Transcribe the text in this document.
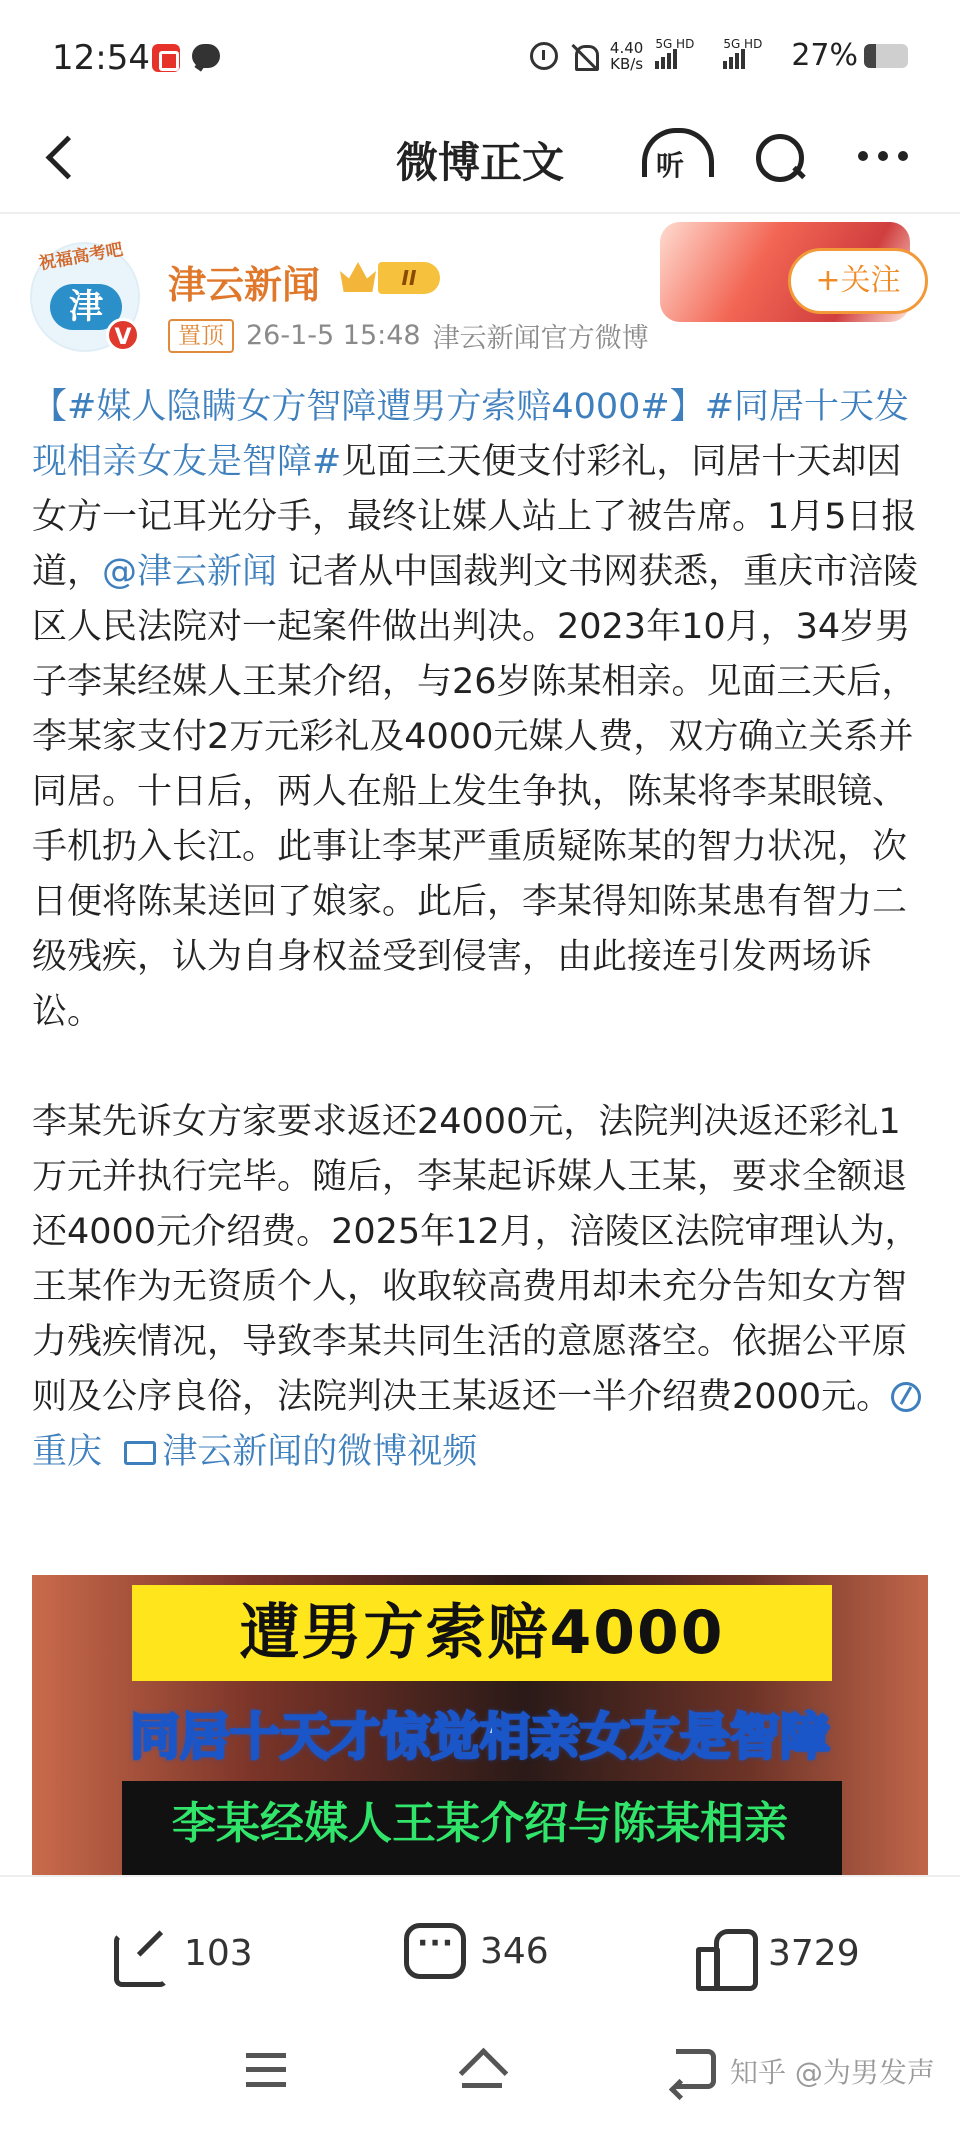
12:54	4.40
KB/s
5G HD 5G HD 27%
微博正文	听
祝福高考吧
津
V
津云新闻	II
置顶 26-1-5 15:48 津云新闻官方微博
+关注

【#媒人隐瞒女方智障遭男方索赔4000#】#同居十天发现相亲女友是智障#见面三天便支付彩礼，同居十天却因女方一记耳光分手，最终让媒人站上了被告席。1月5日报道，@津云新闻 记者从中国裁判文书网获悉，重庆市涪陵区人民法院对一起案件做出判决。2023年10月，34岁男子李某经媒人王某介绍，与26岁陈某相亲。见面三天后，李某家支付2万元彩礼及4000元媒人费，双方确立关系并同居。十日后，两人在船上发生争执，陈某将李某眼镜、手机扔入长江。此事让李某严重质疑陈某的智力状况，次日便将陈某送回了娘家。此后，李某得知陈某患有智力二级残疾，认为自身权益受到侵害，由此接连引发两场诉讼。

李某先诉女方家要求返还24000元，法院判决返还彩礼1万元并执行完毕。随后，李某起诉媒人王某，要求全额退还4000元介绍费。2025年12月，涪陵区法院审理认为，王某作为无资质个人，收取较高费用却未充分告知女方智力残疾情况，导致李某共同生活的意愿落空。依据公平原则及公序良俗，法院判决王某返还一半介绍费2000元。重庆 津云新闻的微博视频

遭男方索赔4000
同居十天才惊觉相亲女友是智障
李某经媒人王某介绍与陈某相亲
103
···	346	3729
知乎 @为男发声
